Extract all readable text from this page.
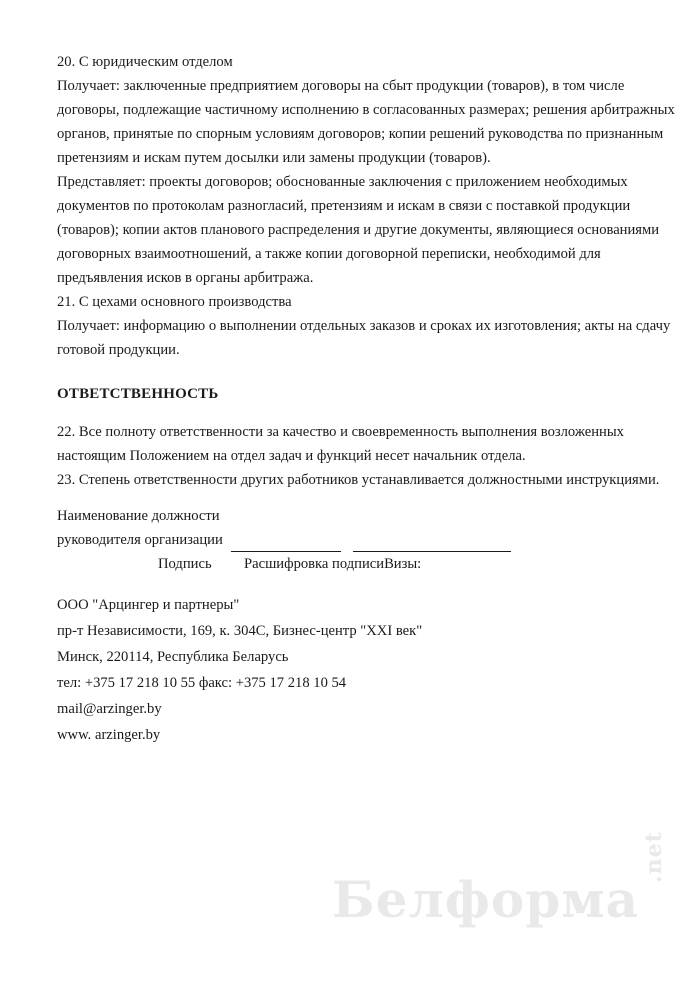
20. С юридическим отделом
Получает: заключенные предприятием договоры на сбыт продукции (товаров), в том числе
договоры, подлежащие частичному исполнению в согласованных размерах; решения арбитражных
органов, принятые по спорным условиям договоров; копии решений руководства по признанным
претензиям и искам путем досылки или замены продукции (товаров).
Представляет: проекты договоров; обоснованные заключения с приложением необходимых
документов по протоколам разногласий, претензиям и искам в связи с поставкой продукции
(товаров); копии актов планового распределения и другие документы, являющиеся основаниями
договорных взаимоотношений, а также копии договорной переписки, необходимой для
предъявления исков в органы арбитража.
21. С цехами основного производства
Получает: информацию о выполнении отдельных заказов и сроках их изготовления; акты на сдачу
готовой продукции.
ОТВЕТСТВЕННОСТЬ
22. Все полноту ответственности за качество и своевременность выполнения возложенных
настоящим Положением на отдел задач и функций несет начальник отдела.
23. Степень ответственности других работников устанавливается должностными инструкциями.
Наименование должности
руководителя организации
Подпись Расшифровка подписиВизы:
ООО "Арцингер и партнеры"
пр-т Независимости, 169, к. 304С, Бизнес-центр "XXI век"
Минск, 220114, Республика Беларусь
тел: +375 17 218 10 55 факс: +375 17 218 10 54
mail@arzinger.by
www. arzinger.by
Белформа.net
